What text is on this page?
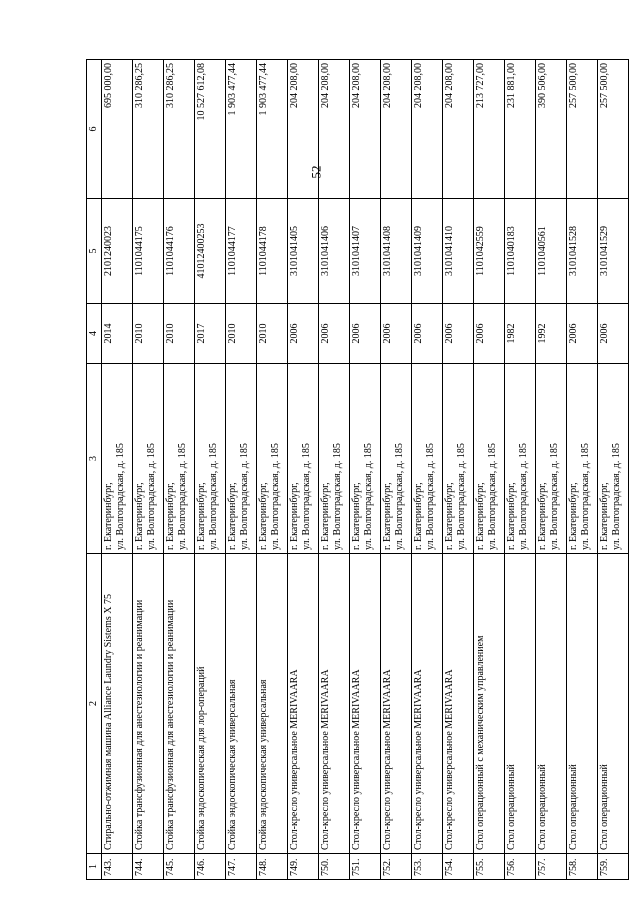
52
1	2	3	4	5	6
743.	Стирально-отжимная машина Alliance Laundry Sistems X 75	г. Екатеринбург,
ул. Волгоградская, д. 185	2014	2101240023	695 000,00
744.	Стойка трансфузионная для анестезиологии и реанимации	г. Екатеринбург,
ул. Волгоградская, д. 185	2010	1101044175	310 286,25
745.	Стойка трансфузионная для анестезиологии и реанимации	г. Екатеринбург,
ул. Волгоградская, д. 185	2010	1101044176	310 286,25
746.	Стойка эндоскопическая для лор-операций	г. Екатеринбург,
ул. Волгоградская, д. 185	2017	41012400253	10 527 612,08
747.	Стойка эндоскопическая универсальная	г. Екатеринбург,
ул. Волгоградская, д. 185	2010	1101044177	1 903 477,44
748.	Стойка эндоскопическая универсальная	г. Екатеринбург,
ул. Волгоградская, д. 185	2010	1101044178	1 903 477,44
749.	Стол-кресло универсальное MERIVAARA	г. Екатеринбург,
ул. Волгоградская, д. 185	2006	3101041405	204 208,00
750.	Стол-кресло универсальное MERIVAARA	г. Екатеринбург,
ул. Волгоградская, д. 185	2006	3101041406	204 208,00
751.	Стол-кресло универсальное MERIVAARA	г. Екатеринбург,
ул. Волгоградская, д. 185	2006	3101041407	204 208,00
752.	Стол-кресло универсальное MERIVAARA	г. Екатеринбург,
ул. Волгоградская, д. 185	2006	3101041408	204 208,00
753.	Стол-кресло универсальное MERIVAARA	г. Екатеринбург,
ул. Волгоградская, д. 185	2006	3101041409	204 208,00
754.	Стол-кресло универсальное MERIVAARA	г. Екатеринбург,
ул. Волгоградская, д. 185	2006	3101041410	204 208,00
755.	Стол операционный с механическим управлением	г. Екатеринбург,
ул. Волгоградская, д. 185	2006	1101042559	213 727,00
756.	Стол операционный	г. Екатеринбург,
ул. Волгоградская, д. 185	1982	1101040183	231 881,00
757.	Стол операционный	г. Екатеринбург,
ул. Волгоградская, д. 185	1992	1101040561	390 506,00
758.	Стол операционный	г. Екатеринбург,
ул. Волгоградская, д. 185	2006	3101041528	257 500,00
759.	Стол операционный	г. Екатеринбург,
ул. Волгоградская, д. 185	2006	3101041529	257 500,00
